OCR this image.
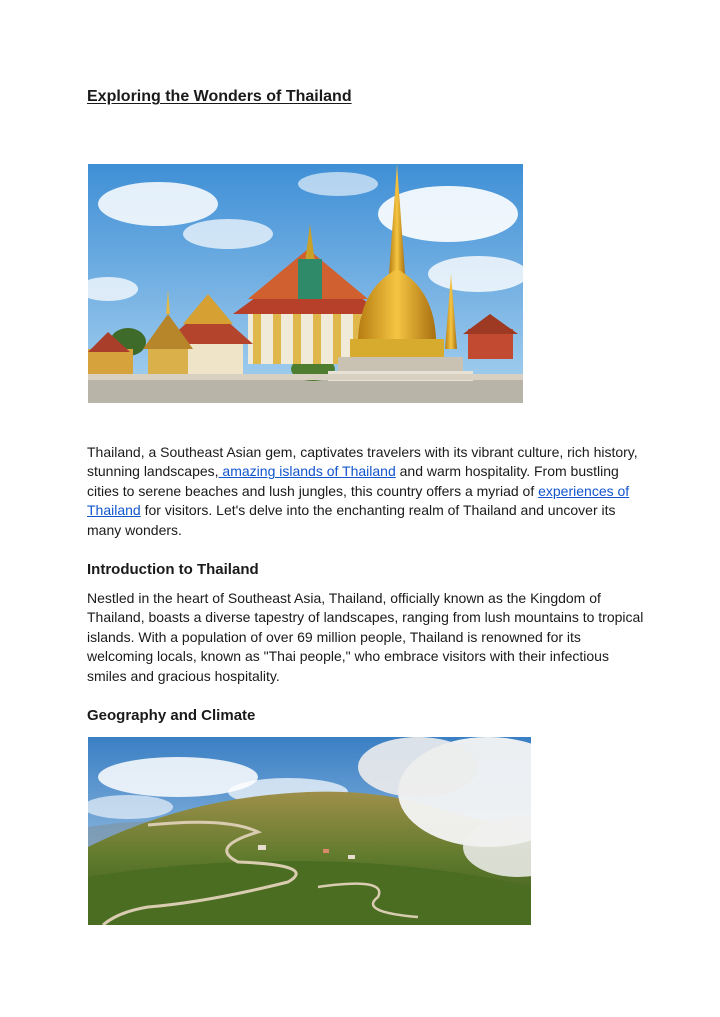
Exploring the Wonders of Thailand

Thailand, a Southeast Asian gem, captivates travelers with its vibrant culture, rich history, stunning landscapes, amazing islands of Thailand and warm hospitality. From bustling cities to serene beaches and lush jungles, this country offers a myriad of experiences of Thailand for visitors. Let's delve into the enchanting realm of Thailand and uncover its many wonders.

Introduction to Thailand

Nestled in the heart of Southeast Asia, Thailand, officially known as the Kingdom of Thailand, boasts a diverse tapestry of landscapes, ranging from lush mountains to tropical islands. With a population of over 69 million people, Thailand is renowned for its welcoming locals, known as "Thai people," who embrace visitors with their infectious smiles and gracious hospitality.

Geography and Climate
